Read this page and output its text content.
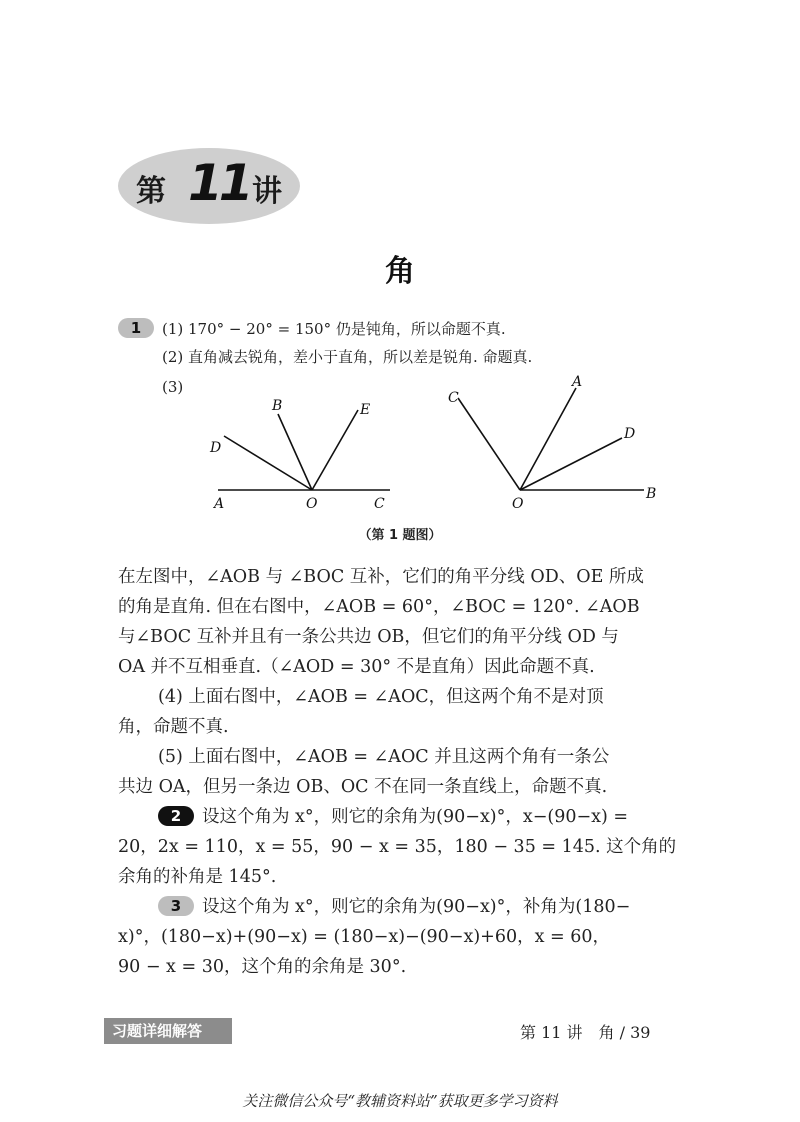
第 11 讲
角
1 (1) 170° − 20° = 150° 仍是钝角，所以命题不真.
(2) 直角减去锐角，差小于直角，所以差是锐角. 命题真.
(3)
B	E
D
A	O	C
C
A
D
O
B
（第 1 题图）
在左图中，∠AOB 与 ∠BOC 互补，它们的角平分线 OD、OE 所成
的角是直角. 但在右图中，∠AOB = 60°，∠BOC = 120°. ∠AOB
与∠BOC 互补并且有一条公共边 OB，但它们的角平分线 OD 与
OA 并不互相垂直.（∠AOD = 30° 不是直角）因此命题不真.
(4) 上面右图中，∠AOB = ∠AOC，但这两个角不是对顶
角，命题不真.
(5) 上面右图中，∠AOB = ∠AOC 并且这两个角有一条公
共边 OA，但另一条边 OB、OC 不在同一条直线上，命题不真.
2 设这个角为 x°，则它的余角为(90−x)°，x−(90−x) =
20，2x = 110，x = 55，90 − x = 35，180 − 35 = 145. 这个角的
余角的补角是 145°.
3 设这个角为 x°，则它的余角为(90−x)°，补角为(180−
x)°，(180−x)+(90−x) = (180−x)−(90−x)+60，x = 60，
90 − x = 30，这个角的余角是 30°.
习题详细解答	第 11 讲　角 / 39
关注微信公众号“教辅资料站”获取更多学习资料
